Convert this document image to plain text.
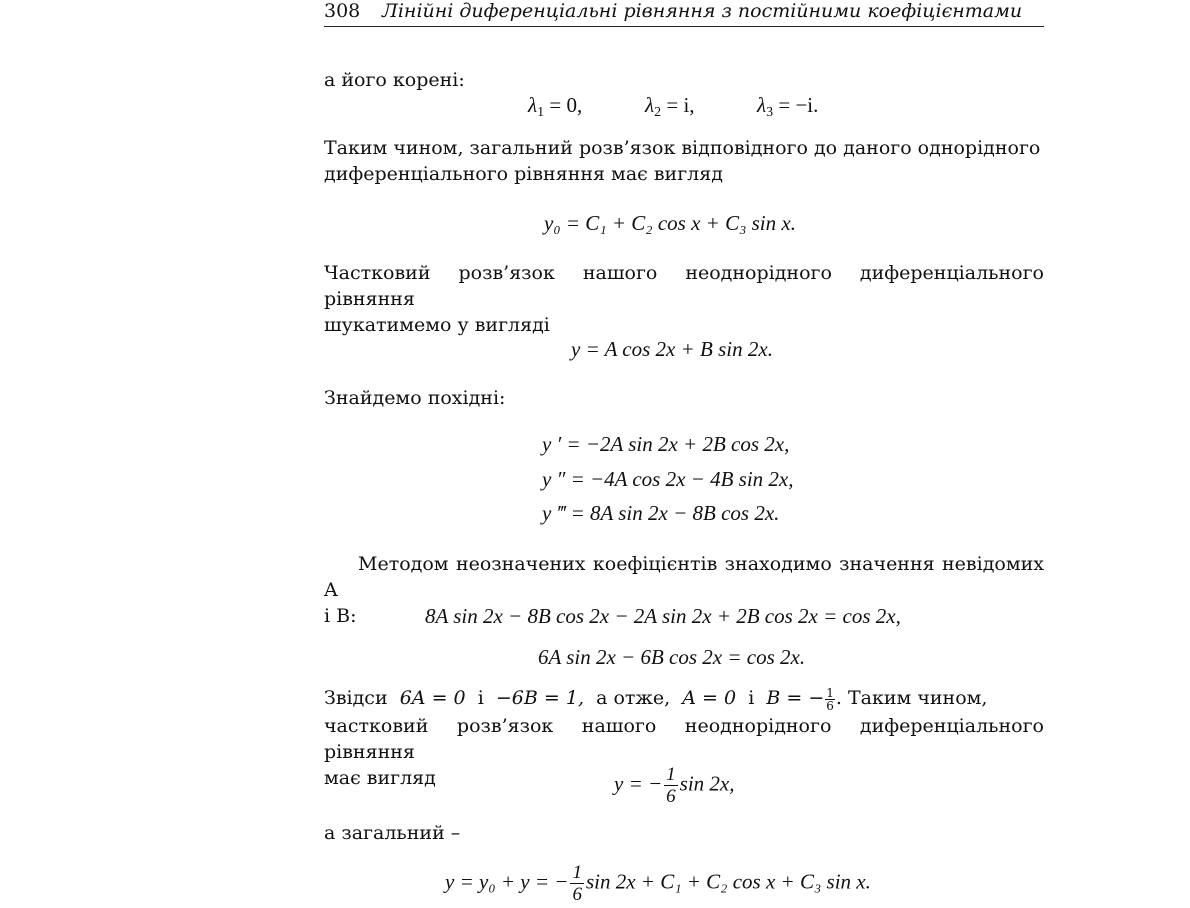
308 Лінійні диференціальні рівняння з постійними коефіцієнтами
а його корені:
$\lambda_1 = 0$,	$\lambda_2 = i$,	$\lambda_3 = -i$.
Таким чином, загальний розв’язок відповідного до даного однорідного
диференціального рівняння має вигляд
y₀ = C₁ + C₂ cos x + C₃ sin x.
Частковий розв’язок нашого неоднорідного диференціального рівняння
шукатимемо у вигляді
y = A cos 2x + B sin 2x.
Знайдемо похідні:
y ′ = −2A sin 2x + 2B cos 2x,
y ″ = −4A cos 2x − 4B sin 2x,
y ‴ = 8A sin 2x − 8B cos 2x.
Методом неозначених коефіцієнтів знаходимо значення невідомих A
і B:	8A sin 2x − 8B cos 2x − 2A sin 2x + 2B cos 2x = cos 2x,
6A sin 2x − 6B cos 2x = cos 2x.
Звідси 6A = 0 і −6B = 1, а отже, A = 0 і B = − $\frac{1}{6}$ . Таким чином,
частковий розв’язок нашого неоднорідного диференціального рівняння
має вигляд	y = − $\frac{1}{6}$ sin 2x,
а загальний –
y = y₀ + y = − $\frac{1}{6}$ sin 2x + C₁ + C₂ cos x + C₃ sin x.
